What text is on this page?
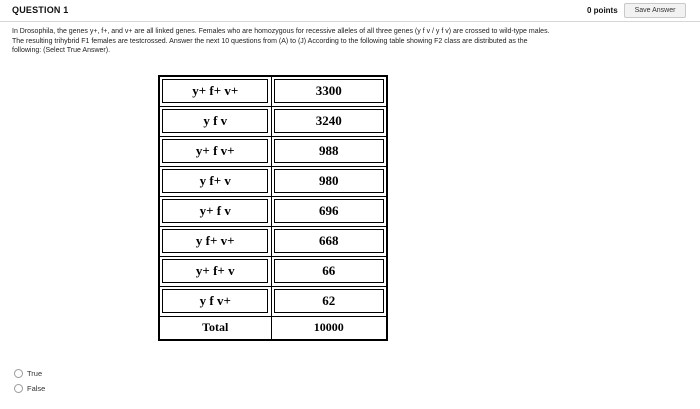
QUESTION 1	0 points	Save Answer

In Drosophila, the genes y+, f+, and v+ are all linked genes. Females who are homozygous for recessive alleles of all three genes (y f v / y f v) are crossed to wild-type males. The resulting trihybrid F1 females are testcrossed. Answer the next 10 questions from (A) to (J) According to the following table showing F2 class are distributed as the following: (Select True Answer).

y+ f+ v+	3300
y f v	3240
y+ f v+	988
y f+ v	980
y+ f v	696
y f+ v+	668
y+ f+ v	66
y f v+	62
Total	10000
True
False
